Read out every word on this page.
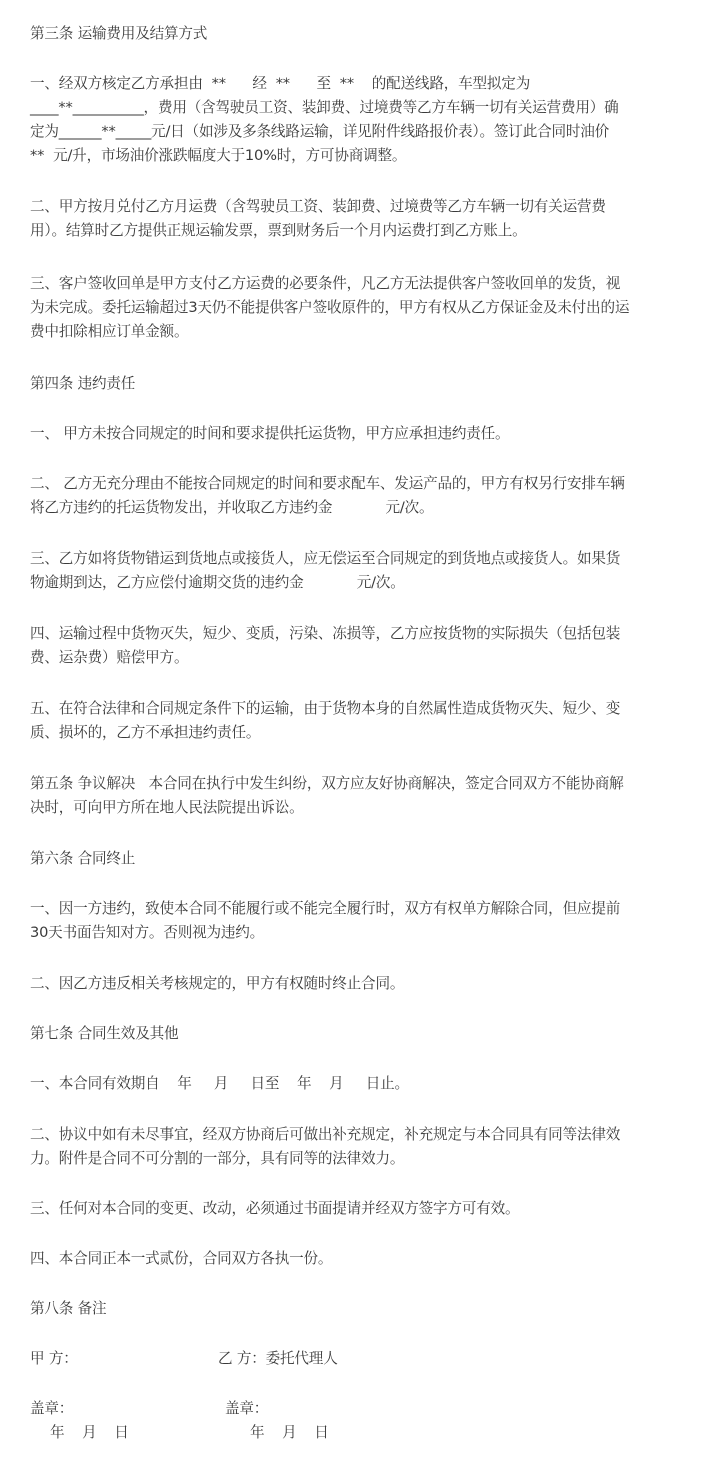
第三条 运输费用及结算方式
一、经双方核定乙方承担由  **      经  **      至  **    的配送线路，车型拟定为
____**__________，费用（含驾驶员工资、装卸费、过境费等乙方车辆一切有关运营费用）确
定为______**_____元/日（如涉及多条线路运输，详见附件线路报价表）。签订此合同时油价
**  元/升，市场油价涨跌幅度大于10%时，方可协商调整。
二、甲方按月兑付乙方月运费（含驾驶员工资、装卸费、过境费等乙方车辆一切有关运营费
用）。结算时乙方提供正规运输发票，票到财务后一个月内运费打到乙方账上。
三、客户签收回单是甲方支付乙方运费的必要条件，凡乙方无法提供客户签收回单的发货，视
为未完成。委托运输超过3天仍不能提供客户签收原件的，甲方有权从乙方保证金及未付出的运
费中扣除相应订单金额。
第四条 违约责任
一、 甲方未按合同规定的时间和要求提供托运货物，甲方应承担违约责任。
二、 乙方无充分理由不能按合同规定的时间和要求配车、发运产品的，甲方有权另行安排车辆
将乙方违约的托运货物发出，并收取乙方违约金            元/次。
三、乙方如将货物错运到货地点或接货人，应无偿运至合同规定的到货地点或接货人。如果货
物逾期到达，乙方应偿付逾期交货的违约金            元/次。
四、运输过程中货物灭失，短少、变质，污染、冻损等，乙方应按货物的实际损失（包括包装
费、运杂费）赔偿甲方。
五、在符合法律和合同规定条件下的运输，由于货物本身的自然属性造成货物灭失、短少、变
质、损坏的，乙方不承担违约责任。
第五条 争议解决   本合同在执行中发生纠纷，双方应友好协商解决，签定合同双方不能协商解
决时，可向甲方所在地人民法院提出诉讼。
第六条 合同终止
一、因一方违约，致使本合同不能履行或不能完全履行时，双方有权单方解除合同，但应提前
30天书面告知对方。否则视为违约。
二、因乙方违反相关考核规定的，甲方有权随时终止合同。
第七条 合同生效及其他
一、本合同有效期自    年     月     日至    年    月     日止。
二、协议中如有未尽事宜，经双方协商后可做出补充规定，补充规定与本合同具有同等法律效
力。附件是合同不可分割的一部分，具有同等的法律效力。
三、任何对本合同的变更、改动，必须通过书面提请并经双方签字方可有效。
四、本合同正本一式贰份，合同双方各执一份。
第八条 备注
甲 方：	乙 方：委托代理人
盖章：	盖章：
年    月    日	年    月    日
